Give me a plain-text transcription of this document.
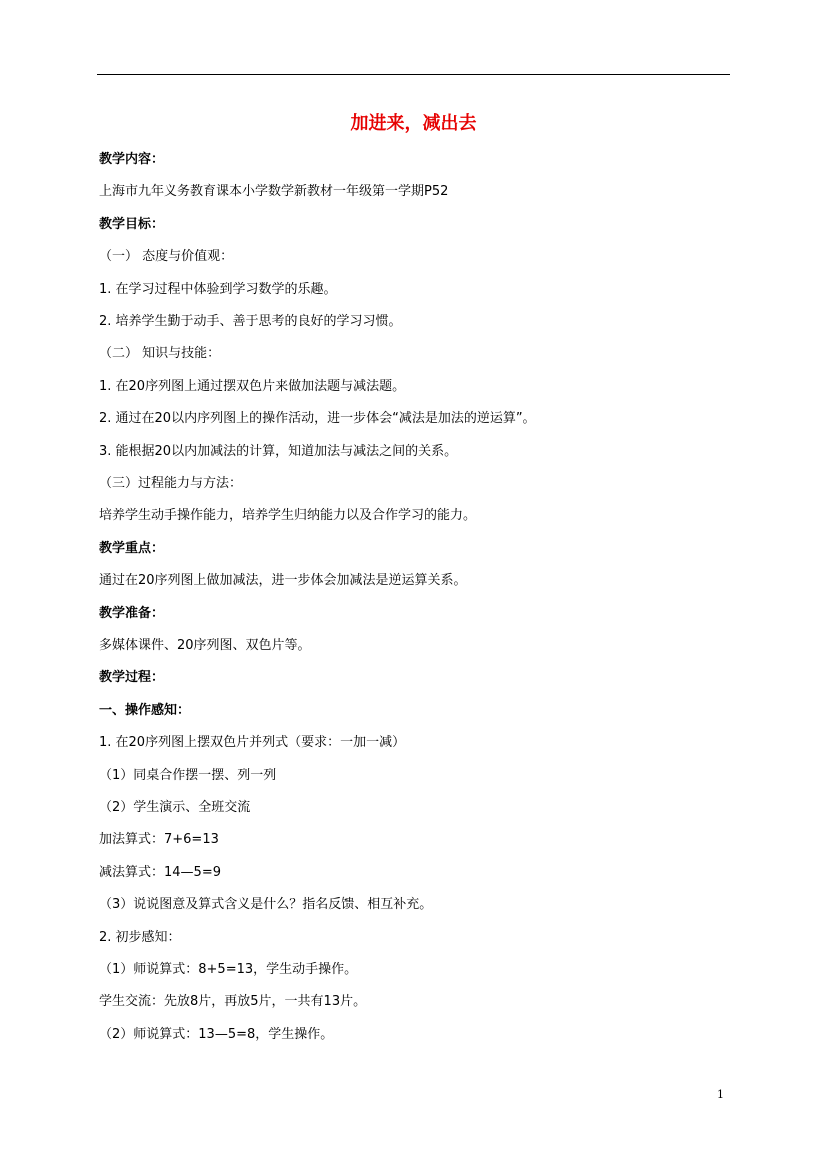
加进来，减出去
教学内容：
上海市九年义务教育课本小学数学新教材一年级第一学期P52
教学目标：
（一） 态度与价值观：
1. 在学习过程中体验到学习数学的乐趣。
2. 培养学生勤于动手、善于思考的良好的学习习惯。
（二） 知识与技能：
1. 在20序列图上通过摆双色片来做加法题与减法题。
2. 通过在20以内序列图上的操作活动，进一步体会“减法是加法的逆运算”。
3. 能根据20以内加减法的计算，知道加法与减法之间的关系。
（三）过程能力与方法：
培养学生动手操作能力，培养学生归纳能力以及合作学习的能力。
教学重点：
通过在20序列图上做加减法，进一步体会加减法是逆运算关系。
教学准备：
多媒体课件、20序列图、双色片等。
教学过程：
一、操作感知：
1. 在20序列图上摆双色片并列式（要求：一加一减）
（1）同桌合作摆一摆、列一列
（2）学生演示、全班交流
加法算式：7+6=13
减法算式：14—5=9
（3）说说图意及算式含义是什么？指名反馈、相互补充。
2. 初步感知：
（1）师说算式：8+5=13，学生动手操作。
学生交流：先放8片，再放5片，一共有13片。
（2）师说算式：13—5=8，学生操作。
1
